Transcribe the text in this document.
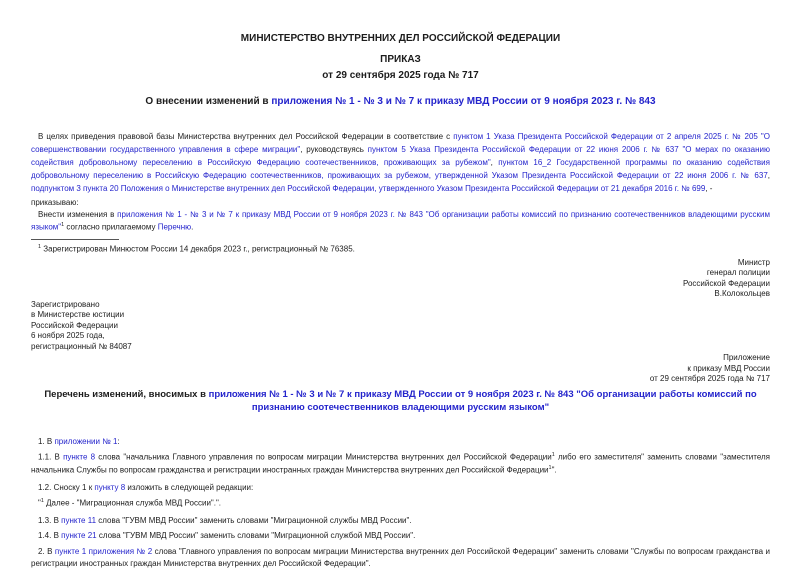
МИНИСТЕРСТВО ВНУТРЕННИХ ДЕЛ РОССИЙСКОЙ ФЕДЕРАЦИИ
ПРИКАЗ
от 29 сентября 2025 года № 717
О внесении изменений в приложения № 1 - № 3 и № 7 к приказу МВД России от 9 ноября 2023 г. № 843

В целях приведения правовой базы Министерства внутренних дел Российской Федерации в соответствие с пунктом 1 Указа Президента Российской Федерации от 2 апреля 2025 г. № 205 "О совершенствовании государственного управления в сфере миграции", руководствуясь пунктом 5 Указа Президента Российской Федерации от 22 июня 2006 г. № 637 "О мерах по оказанию содействия добровольному переселению в Российскую Федерацию соотечественников, проживающих за рубежом", пунктом 16_2 Государственной программы по оказанию содействия добровольному переселению в Российскую Федерацию соотечественников, проживающих за рубежом, утвержденной Указом Президента Российской Федерации от 22 июня 2006 г. № 637, подпунктом 3 пункта 20 Положения о Министерстве внутренних дел Российской Федерации, утвержденного Указом Президента Российской Федерации от 21 декабря 2016 г. № 699, -

приказываю:

Внести изменения в приложения № 1 - № 3 и № 7 к приказу МВД России от 9 ноября 2023 г. № 843 "Об организации работы комиссий по признанию соотечественников владеющими русским языком"$^1$ согласно прилагаемому Перечню.

$^1$ Зарегистрирован Минюстом России 14 декабря 2023 г., регистрационный № 76385.

Министр
генерал полиции
Российской Федерации
В.Колокольцев
Зарегистрировано
в Министерстве юстиции
Российской Федерации
6 ноября 2025 года,
регистрационный № 84087
Приложение
к приказу МВД России
от 29 сентября 2025 года № 717
Перечень изменений, вносимых в приложения № 1 - № 3 и № 7 к приказу МВД России от 9 ноября 2023 г. № 843 "Об организации работы комиссий по признанию соотечественников владеющими русским языком"

1. В приложении № 1:

1.1. В пункте 8 слова "начальника Главного управления по вопросам миграции Министерства внутренних дел Российской Федерации$^1$ либо его заместителя" заменить словами "заместителя начальника Службы по вопросам гражданства и регистрации иностранных граждан Министерства внутренних дел Российской Федерации$^1$".

1.2. Сноску 1 к пункту 8 изложить в следующей редакции:

"$^1$ Далее - "Миграционная служба МВД России".".

1.3. В пункте 11 слова "ГУВМ МВД России" заменить словами "Миграционной службы МВД России".

1.4. В пункте 21 слова "ГУВМ МВД России" заменить словами "Миграционной службой МВД России".

2. В пункте 1 приложения № 2 слова "Главного управления по вопросам миграции Министерства внутренних дел Российской Федерации" заменить словами "Службы по вопросам гражданства и регистрации иностранных граждан Министерства внутренних дел Российской Федерации".
